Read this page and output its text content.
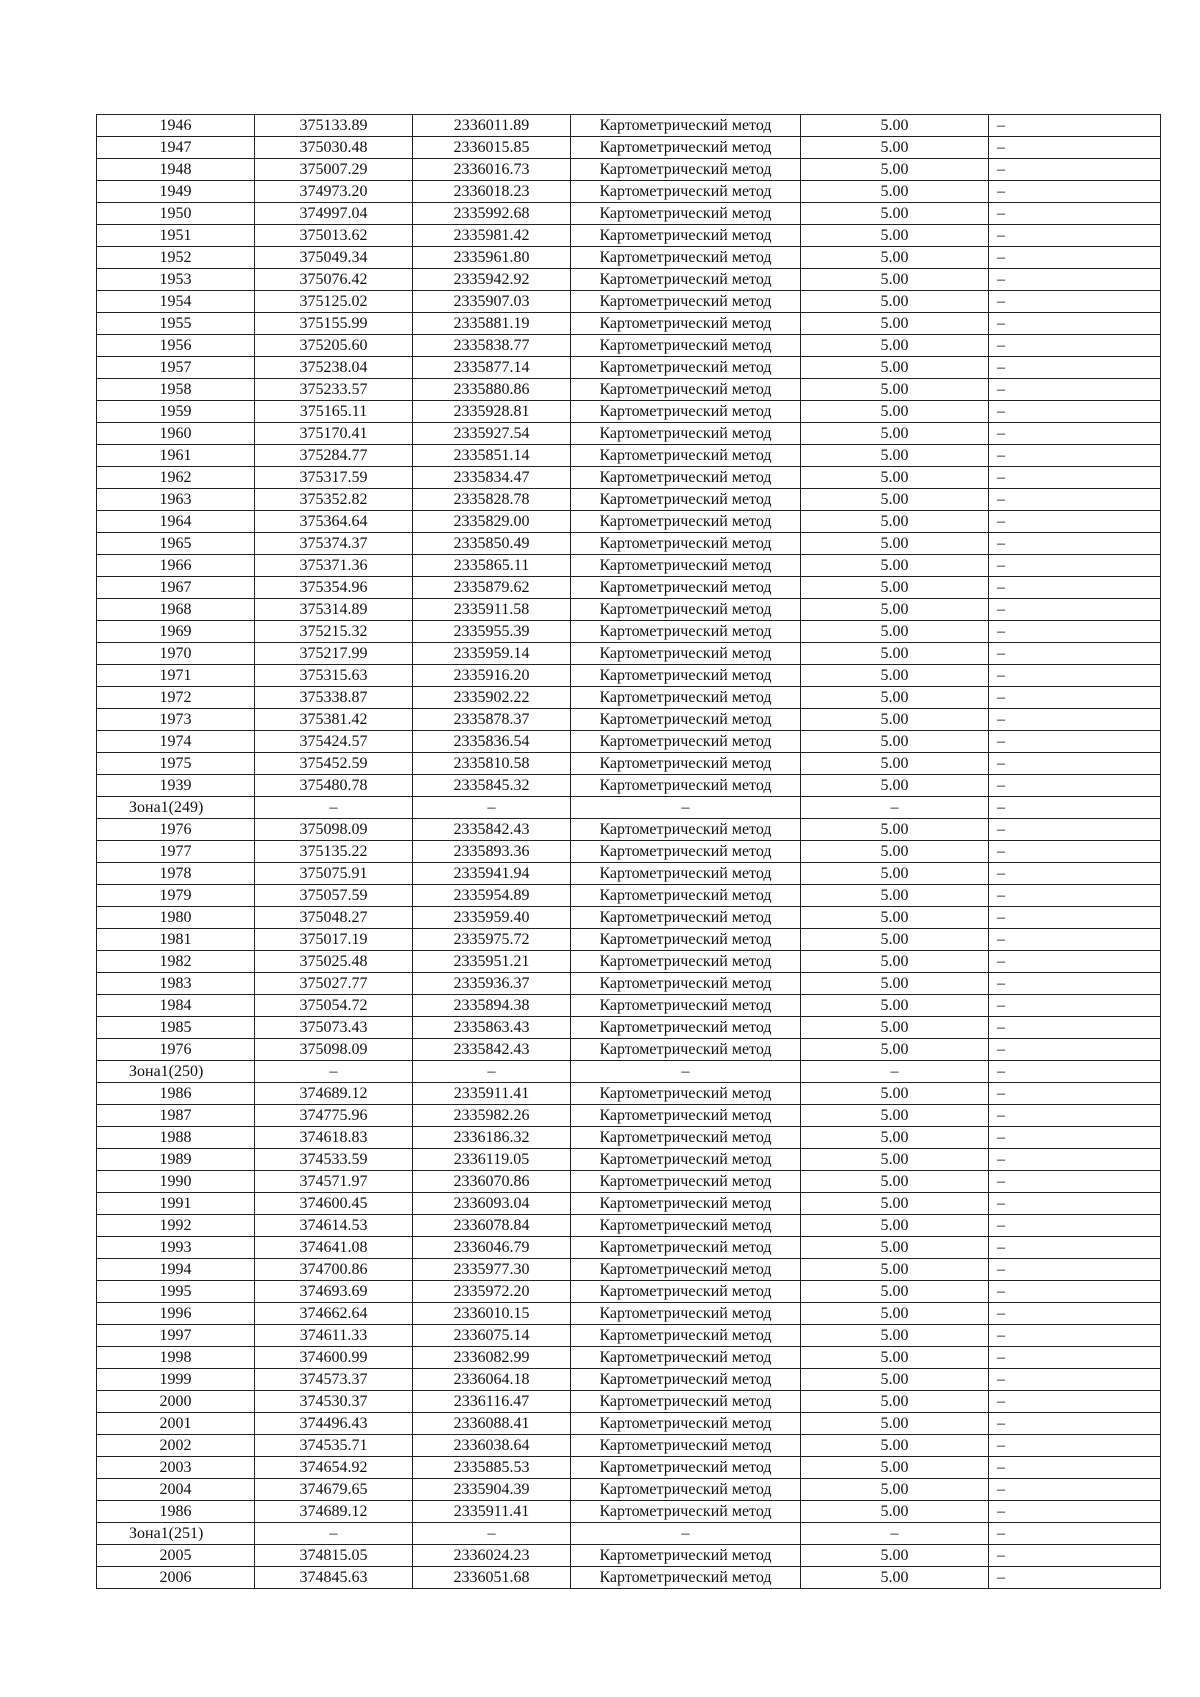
1946	375133.89	2336011.89	Картометрический метод	5.00	–
1947	375030.48	2336015.85	Картометрический метод	5.00	–
1948	375007.29	2336016.73	Картометрический метод	5.00	–
1949	374973.20	2336018.23	Картометрический метод	5.00	–
1950	374997.04	2335992.68	Картометрический метод	5.00	–
1951	375013.62	2335981.42	Картометрический метод	5.00	–
1952	375049.34	2335961.80	Картометрический метод	5.00	–
1953	375076.42	2335942.92	Картометрический метод	5.00	–
1954	375125.02	2335907.03	Картометрический метод	5.00	–
1955	375155.99	2335881.19	Картометрический метод	5.00	–
1956	375205.60	2335838.77	Картометрический метод	5.00	–
1957	375238.04	2335877.14	Картометрический метод	5.00	–
1958	375233.57	2335880.86	Картометрический метод	5.00	–
1959	375165.11	2335928.81	Картометрический метод	5.00	–
1960	375170.41	2335927.54	Картометрический метод	5.00	–
1961	375284.77	2335851.14	Картометрический метод	5.00	–
1962	375317.59	2335834.47	Картометрический метод	5.00	–
1963	375352.82	2335828.78	Картометрический метод	5.00	–
1964	375364.64	2335829.00	Картометрический метод	5.00	–
1965	375374.37	2335850.49	Картометрический метод	5.00	–
1966	375371.36	2335865.11	Картометрический метод	5.00	–
1967	375354.96	2335879.62	Картометрический метод	5.00	–
1968	375314.89	2335911.58	Картометрический метод	5.00	–
1969	375215.32	2335955.39	Картометрический метод	5.00	–
1970	375217.99	2335959.14	Картометрический метод	5.00	–
1971	375315.63	2335916.20	Картометрический метод	5.00	–
1972	375338.87	2335902.22	Картометрический метод	5.00	–
1973	375381.42	2335878.37	Картометрический метод	5.00	–
1974	375424.57	2335836.54	Картометрический метод	5.00	–
1975	375452.59	2335810.58	Картометрический метод	5.00	–
1939	375480.78	2335845.32	Картометрический метод	5.00	–
Зона1(249)	–	–	–	–	–
1976	375098.09	2335842.43	Картометрический метод	5.00	–
1977	375135.22	2335893.36	Картометрический метод	5.00	–
1978	375075.91	2335941.94	Картометрический метод	5.00	–
1979	375057.59	2335954.89	Картометрический метод	5.00	–
1980	375048.27	2335959.40	Картометрический метод	5.00	–
1981	375017.19	2335975.72	Картометрический метод	5.00	–
1982	375025.48	2335951.21	Картометрический метод	5.00	–
1983	375027.77	2335936.37	Картометрический метод	5.00	–
1984	375054.72	2335894.38	Картометрический метод	5.00	–
1985	375073.43	2335863.43	Картометрический метод	5.00	–
1976	375098.09	2335842.43	Картометрический метод	5.00	–
Зона1(250)	–	–	–	–	–
1986	374689.12	2335911.41	Картометрический метод	5.00	–
1987	374775.96	2335982.26	Картометрический метод	5.00	–
1988	374618.83	2336186.32	Картометрический метод	5.00	–
1989	374533.59	2336119.05	Картометрический метод	5.00	–
1990	374571.97	2336070.86	Картометрический метод	5.00	–
1991	374600.45	2336093.04	Картометрический метод	5.00	–
1992	374614.53	2336078.84	Картометрический метод	5.00	–
1993	374641.08	2336046.79	Картометрический метод	5.00	–
1994	374700.86	2335977.30	Картометрический метод	5.00	–
1995	374693.69	2335972.20	Картометрический метод	5.00	–
1996	374662.64	2336010.15	Картометрический метод	5.00	–
1997	374611.33	2336075.14	Картометрический метод	5.00	–
1998	374600.99	2336082.99	Картометрический метод	5.00	–
1999	374573.37	2336064.18	Картометрический метод	5.00	–
2000	374530.37	2336116.47	Картометрический метод	5.00	–
2001	374496.43	2336088.41	Картометрический метод	5.00	–
2002	374535.71	2336038.64	Картометрический метод	5.00	–
2003	374654.92	2335885.53	Картометрический метод	5.00	–
2004	374679.65	2335904.39	Картометрический метод	5.00	–
1986	374689.12	2335911.41	Картометрический метод	5.00	–
Зона1(251)	–	–	–	–	–
2005	374815.05	2336024.23	Картометрический метод	5.00	–
2006	374845.63	2336051.68	Картометрический метод	5.00	–
